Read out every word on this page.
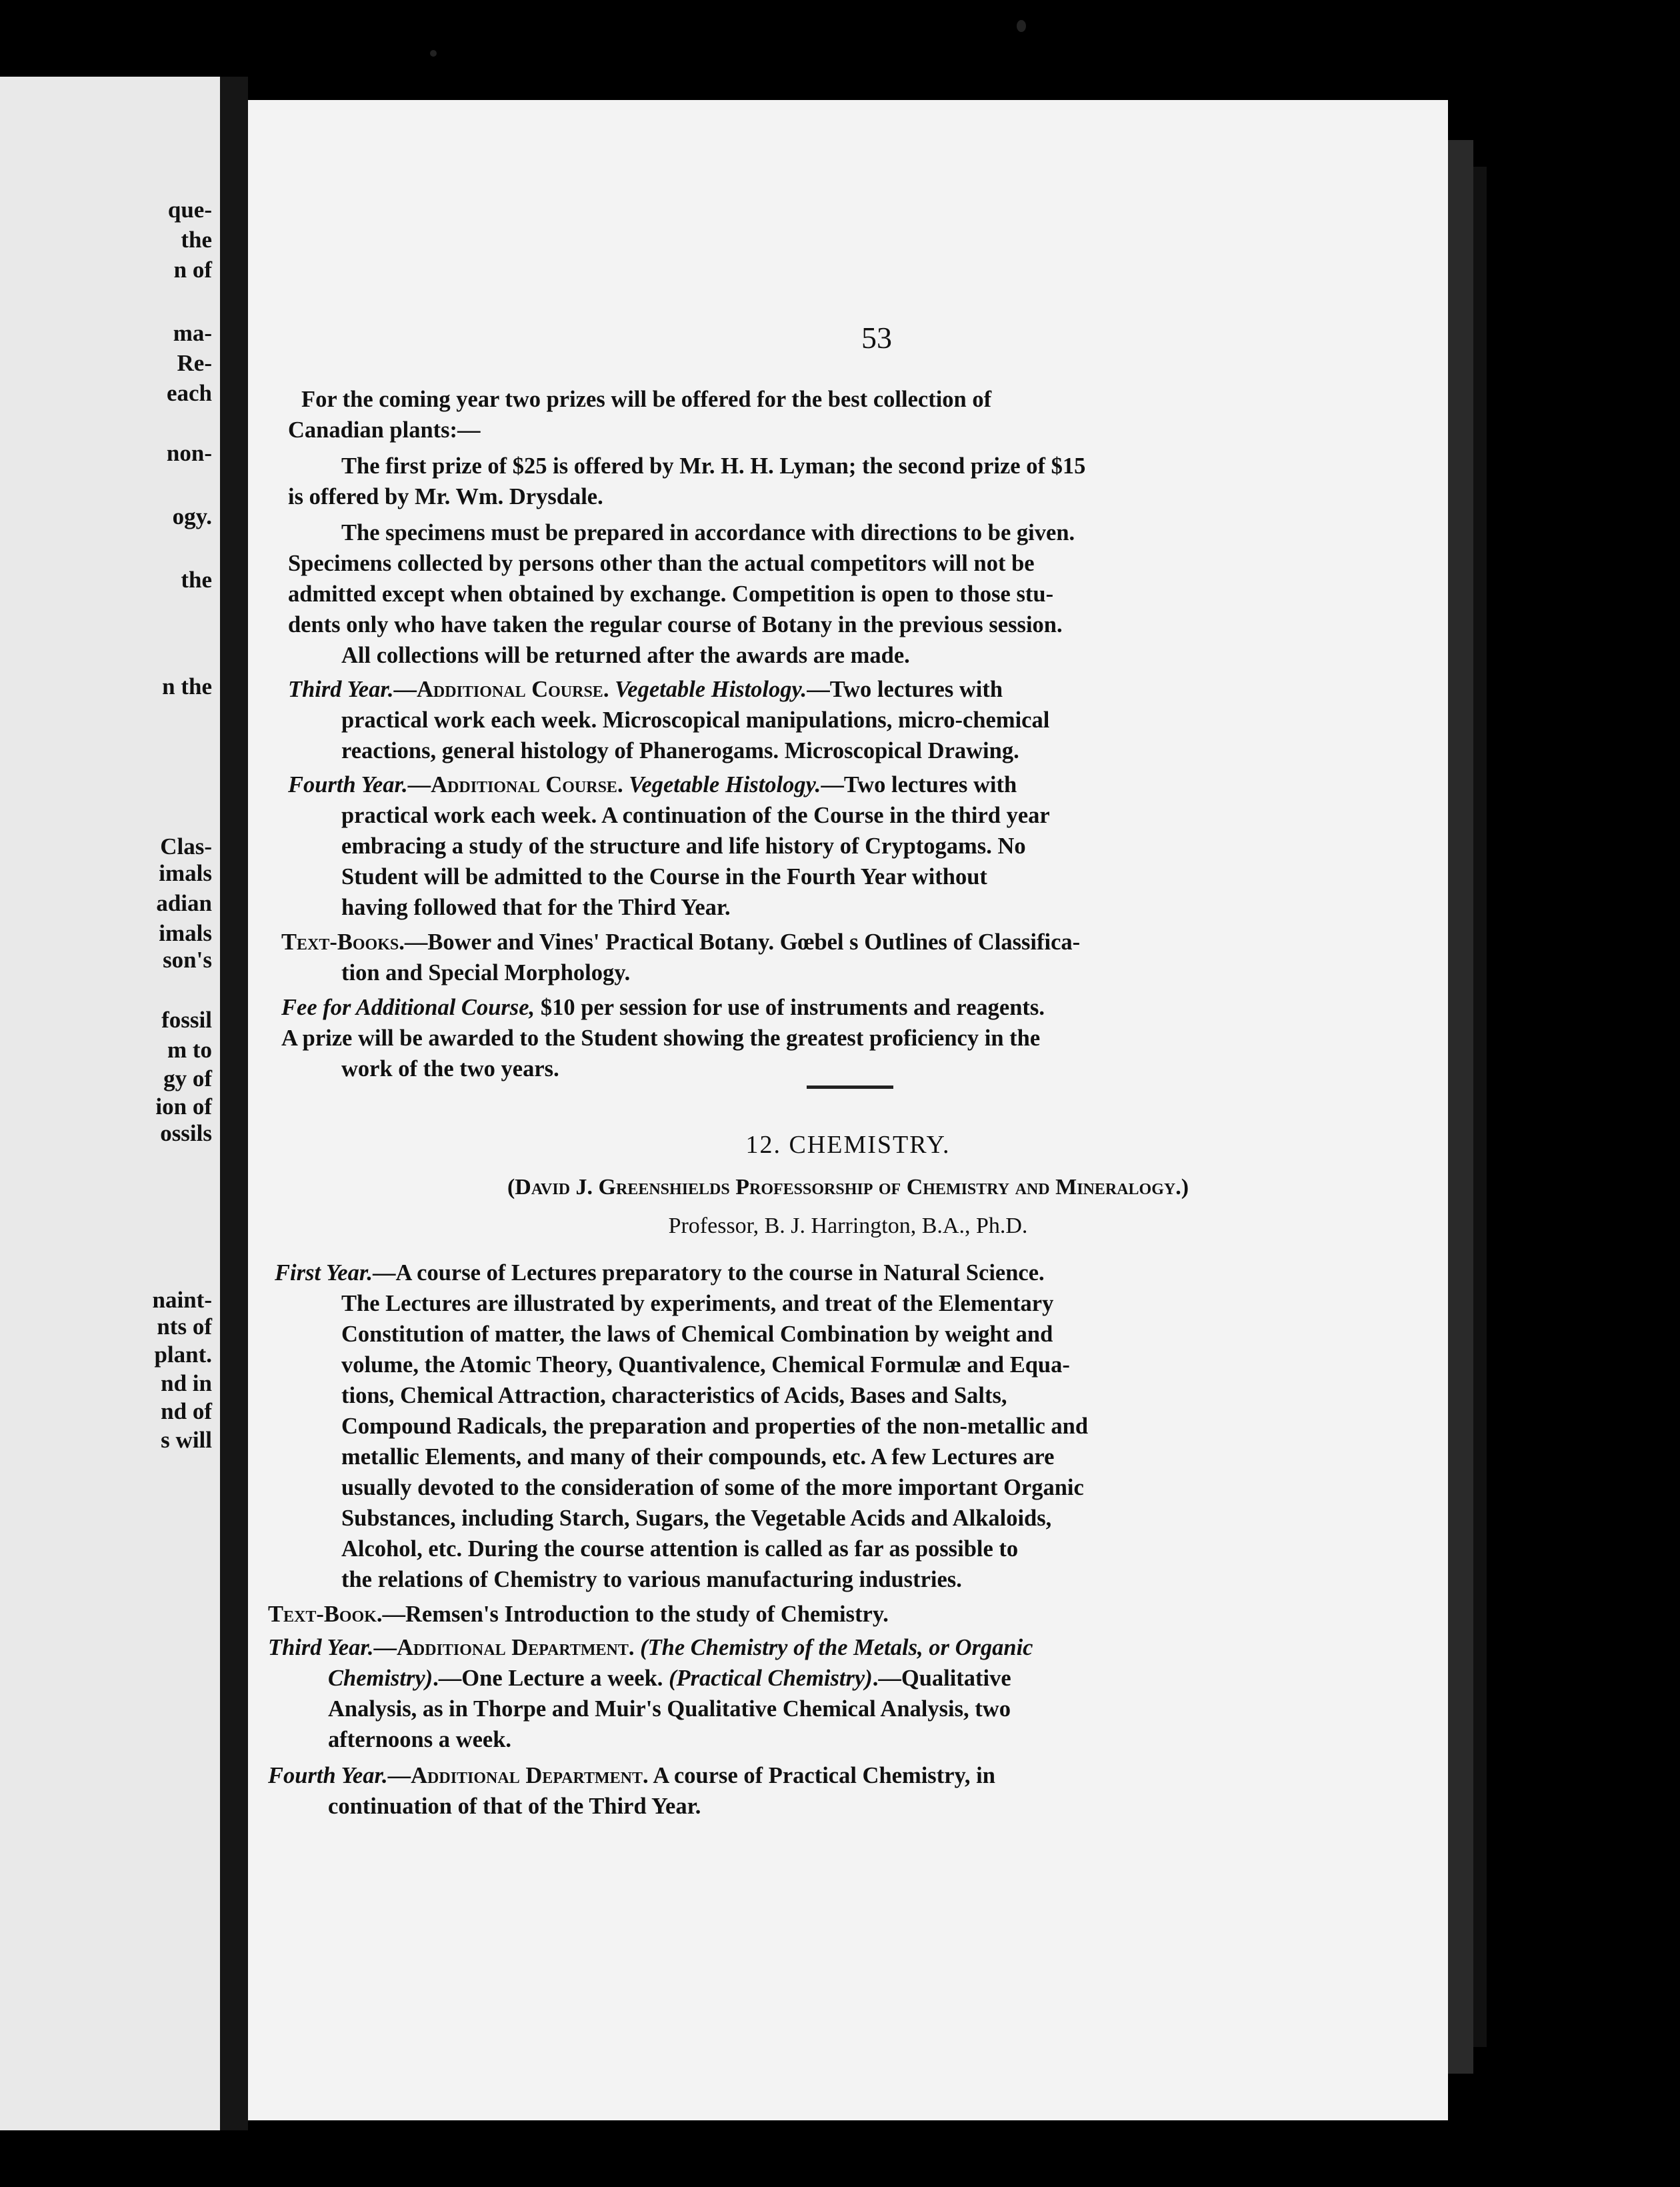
que-
the
n of
ma-
Re-
each
non-
ogy.
the
n the
Clas-
imals
adian
imals
son's
fossil
m to
gy of
ion of
ossils
naint-
nts of
plant.
nd in
nd of
s will
53
For the coming year two prizes will be offered for the best collection of
Canadian plants:—
The first prize of $25 is offered by Mr. H. H. Lyman; the second prize of $15
is offered by Mr. Wm. Drysdale.
The specimens must be prepared in accordance with directions to be given.
Specimens collected by persons other than the actual competitors will not be
admitted except when obtained by exchange. Competition is open to those stu-
dents only who have taken the regular course of Botany in the previous session.
All collections will be returned after the awards are made.
Third Year.—Additional Course. Vegetable Histology.—Two lectures with
practical work each week. Microscopical manipulations, micro-chemical
reactions, general histology of Phanerogams. Microscopical Drawing.
Fourth Year.—Additional Course. Vegetable Histology.—Two lectures with
practical work each week. A continuation of the Course in the third year
embracing a study of the structure and life history of Cryptogams. No
Student will be admitted to the Course in the Fourth Year without
having followed that for the Third Year.
Text-Books.—Bower and Vines' Practical Botany. Gœbel s Outlines of Classifica-
tion and Special Morphology.
Fee for Additional Course, $10 per session for use of instruments and reagents.
A prize will be awarded to the Student showing the greatest proficiency in the
work of the two years.
12. CHEMISTRY.
(David J. Greenshields Professorship of Chemistry and Mineralogy.)
Professor, B. J. Harrington, B.A., Ph.D.
First Year.—A course of Lectures preparatory to the course in Natural Science.
The Lectures are illustrated by experiments, and treat of the Elementary
Constitution of matter, the laws of Chemical Combination by weight and
volume, the Atomic Theory, Quantivalence, Chemical Formulæ and Equa-
tions, Chemical Attraction, characteristics of Acids, Bases and Salts,
Compound Radicals, the preparation and properties of the non-metallic and
metallic Elements, and many of their compounds, etc. A few Lectures are
usually devoted to the consideration of some of the more important Organic
Substances, including Starch, Sugars, the Vegetable Acids and Alkaloids,
Alcohol, etc. During the course attention is called as far as possible to
the relations of Chemistry to various manufacturing industries.
Text-Book.—Remsen's Introduction to the study of Chemistry.
Third Year.—Additional Department. (The Chemistry of the Metals, or Organic
Chemistry).—One Lecture a week. (Practical Chemistry).—Qualitative
Analysis, as in Thorpe and Muir's Qualitative Chemical Analysis, two
afternoons a week.
Fourth Year.—Additional Department. A course of Practical Chemistry, in
continuation of that of the Third Year.
